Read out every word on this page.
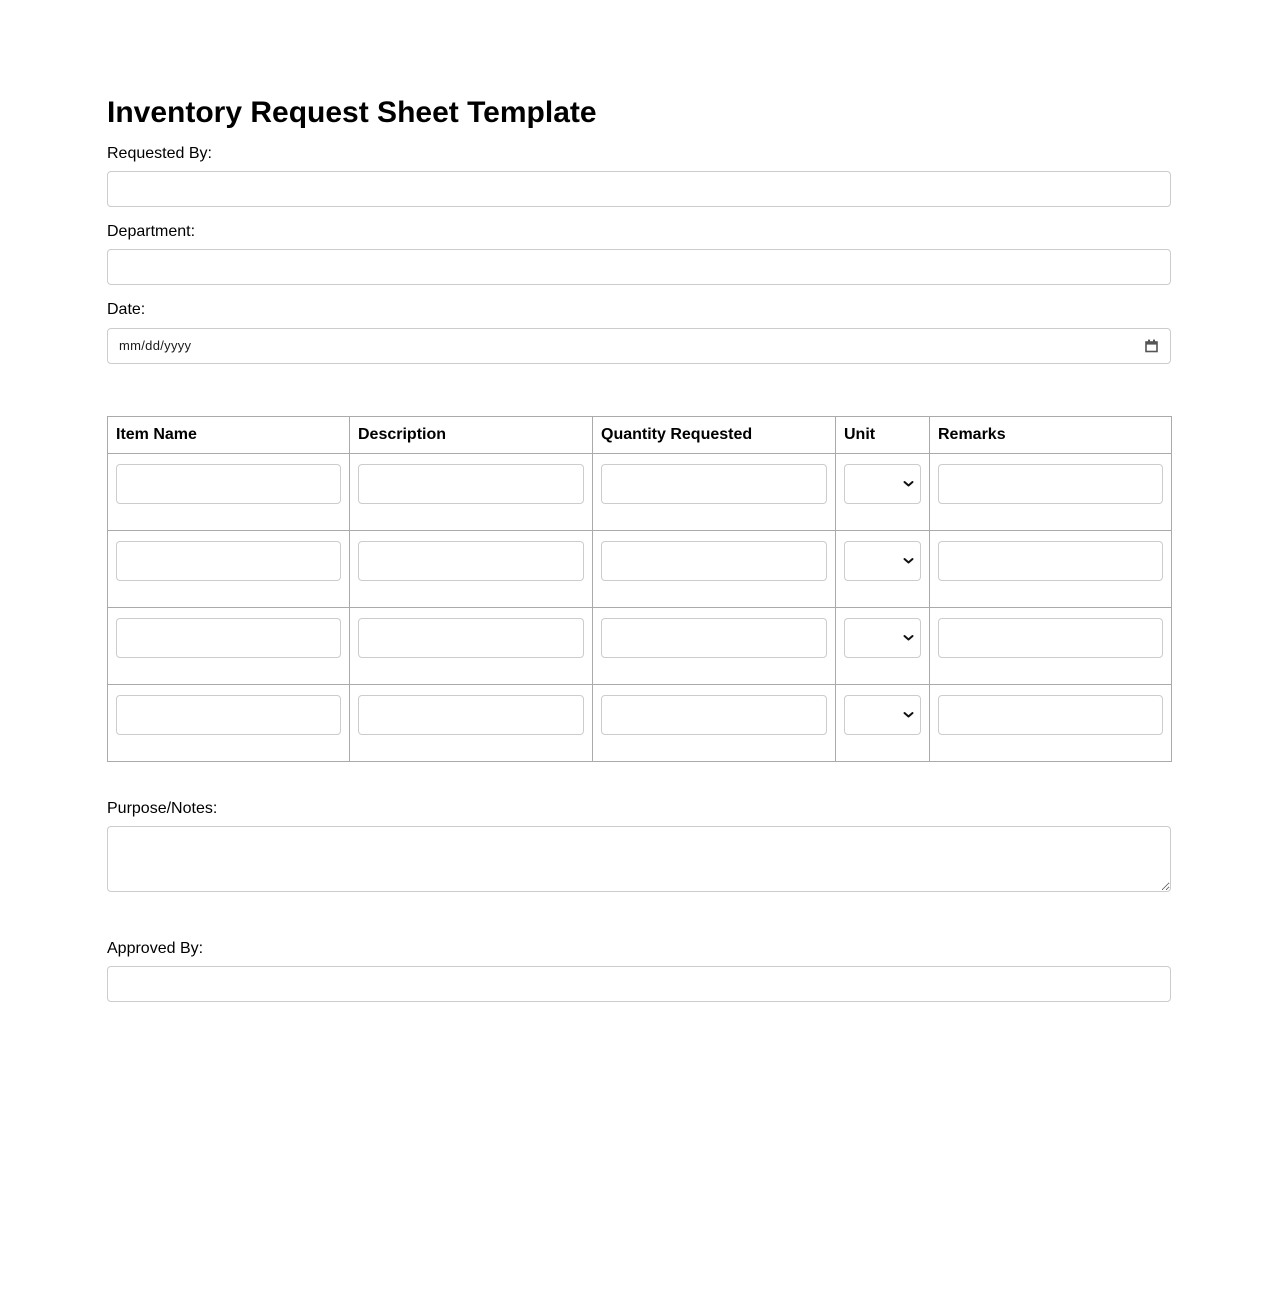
Inventory Request Sheet Template
Requested By:
Department:
Date:
mm/dd/yyyy
Item Name	Description	Quantity Requested	Unit	Remarks

Purpose/Notes:
Approved By:
